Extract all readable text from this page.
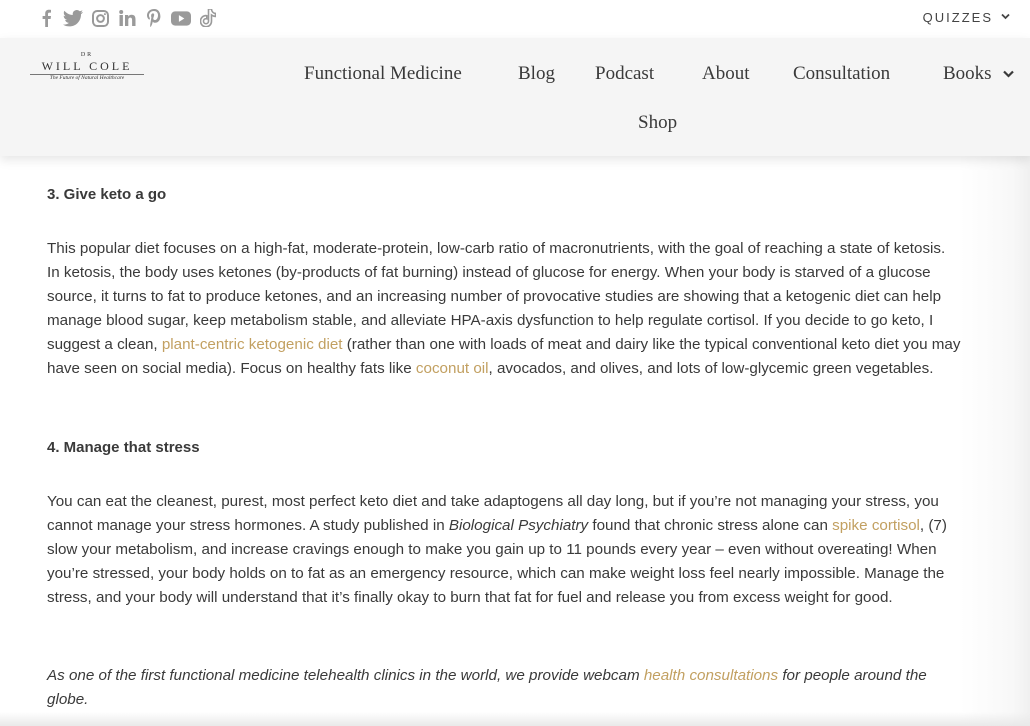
QUIZZES
DR
WILL COLE
The Future of Natural Healthcare	Functional Medicine	Blog Podcast	About Consultation	Books
Shop
3. Give keto a go
This popular diet focuses on a high-fat, moderate-protein, low-carb ratio of macronutrients, with the goal of reaching a state of ketosis. In ketosis, the body uses ketones (by-products of fat burning) instead of glucose for energy. When your body is starved of a glucose source, it turns to fat to produce ketones, and an increasing number of provocative studies are showing that a ketogenic diet can help manage blood sugar, keep metabolism stable, and alleviate HPA-axis dysfunction to help regulate cortisol. If you decide to go keto, I suggest a clean, plant-centric ketogenic diet (rather than one with loads of meat and dairy like the typical conventional keto diet you may have seen on social media). Focus on healthy fats like coconut oil, avocados, and olives, and lots of low-glycemic green vegetables.
4. Manage that stress
You can eat the cleanest, purest, most perfect keto diet and take adaptogens all day long, but if you’re not managing your stress, you cannot manage your stress hormones. A study published in Biological Psychiatry found that chronic stress alone can spike cortisol, (7) slow your metabolism, and increase cravings enough to make you gain up to 11 pounds every year – even without overeating! When you’re stressed, your body holds on to fat as an emergency resource, which can make weight loss feel nearly impossible. Manage the stress, and your body will understand that it’s finally okay to burn that fat for fuel and release you from excess weight for good.
As one of the first functional medicine telehealth clinics in the world, we provide webcam health consultations for people around the globe.
